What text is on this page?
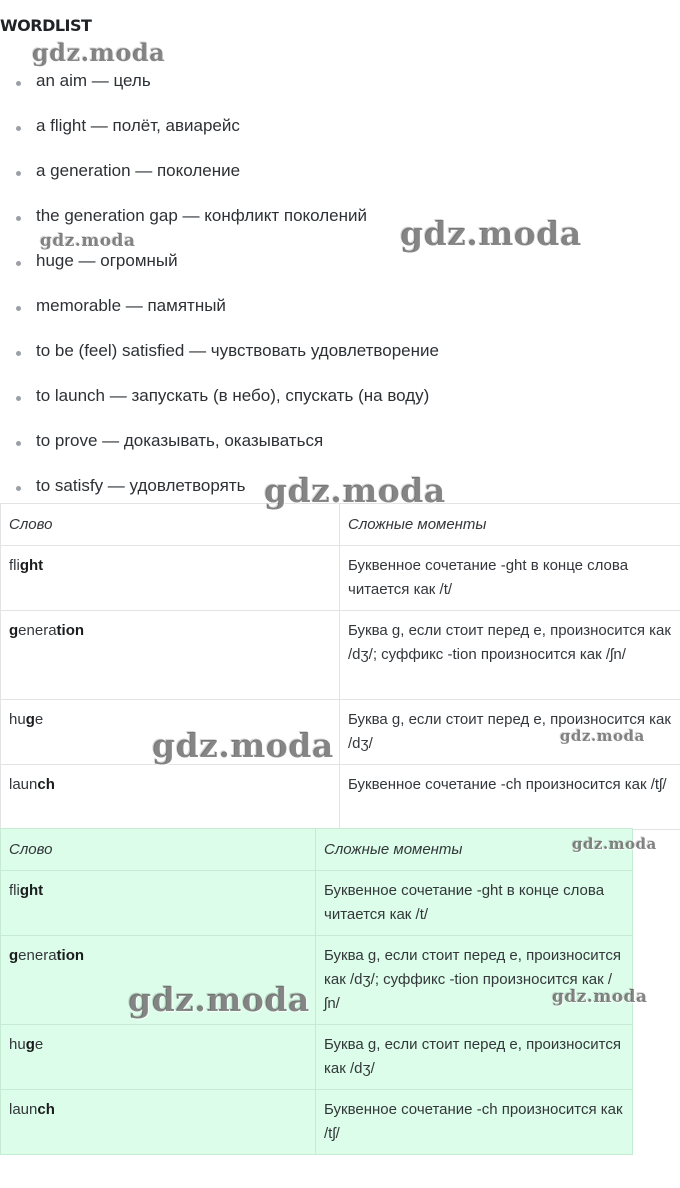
WORDLIST
an aim — цель
a flight — полёт, авиарейс
a generation — поколение
the generation gap — конфликт поколений
huge — огромный
memorable — памятный
to be (feel) satisfied — чувствовать удовлетворение
to launch — запускать (в небо), спускать (на воду)
to prove — доказывать, оказываться
to satisfy — удовлетворять
Слово	Сложные моменты
flight	Буквенное сочетание -ght в конце слова читается как /t/
generation	Буква g, если стоит перед e, произносится как /dʒ/; суффикс -tion произносится как /ʃn/
huge	Буква g, если стоит перед e, произносится как /dʒ/
launch	Буквенное сочетание -ch произносится как /tʃ/
Слово	Сложные моменты
flight	Буквенное сочетание -ght в конце слова читается как /t/
generation	Буква g, если стоит перед e, произносится как /dʒ/; суффикс -tion произносится как /ʃn/
huge	Буква g, если стоит перед e, произносится как /dʒ/
launch	Буквенное сочетание -ch произносится как /tʃ/
gdz.moda
gdz.moda	gdz.moda
gdz.moda
gdz.moda	gdz.moda
gdz.moda
gdz.moda	gdz.moda
